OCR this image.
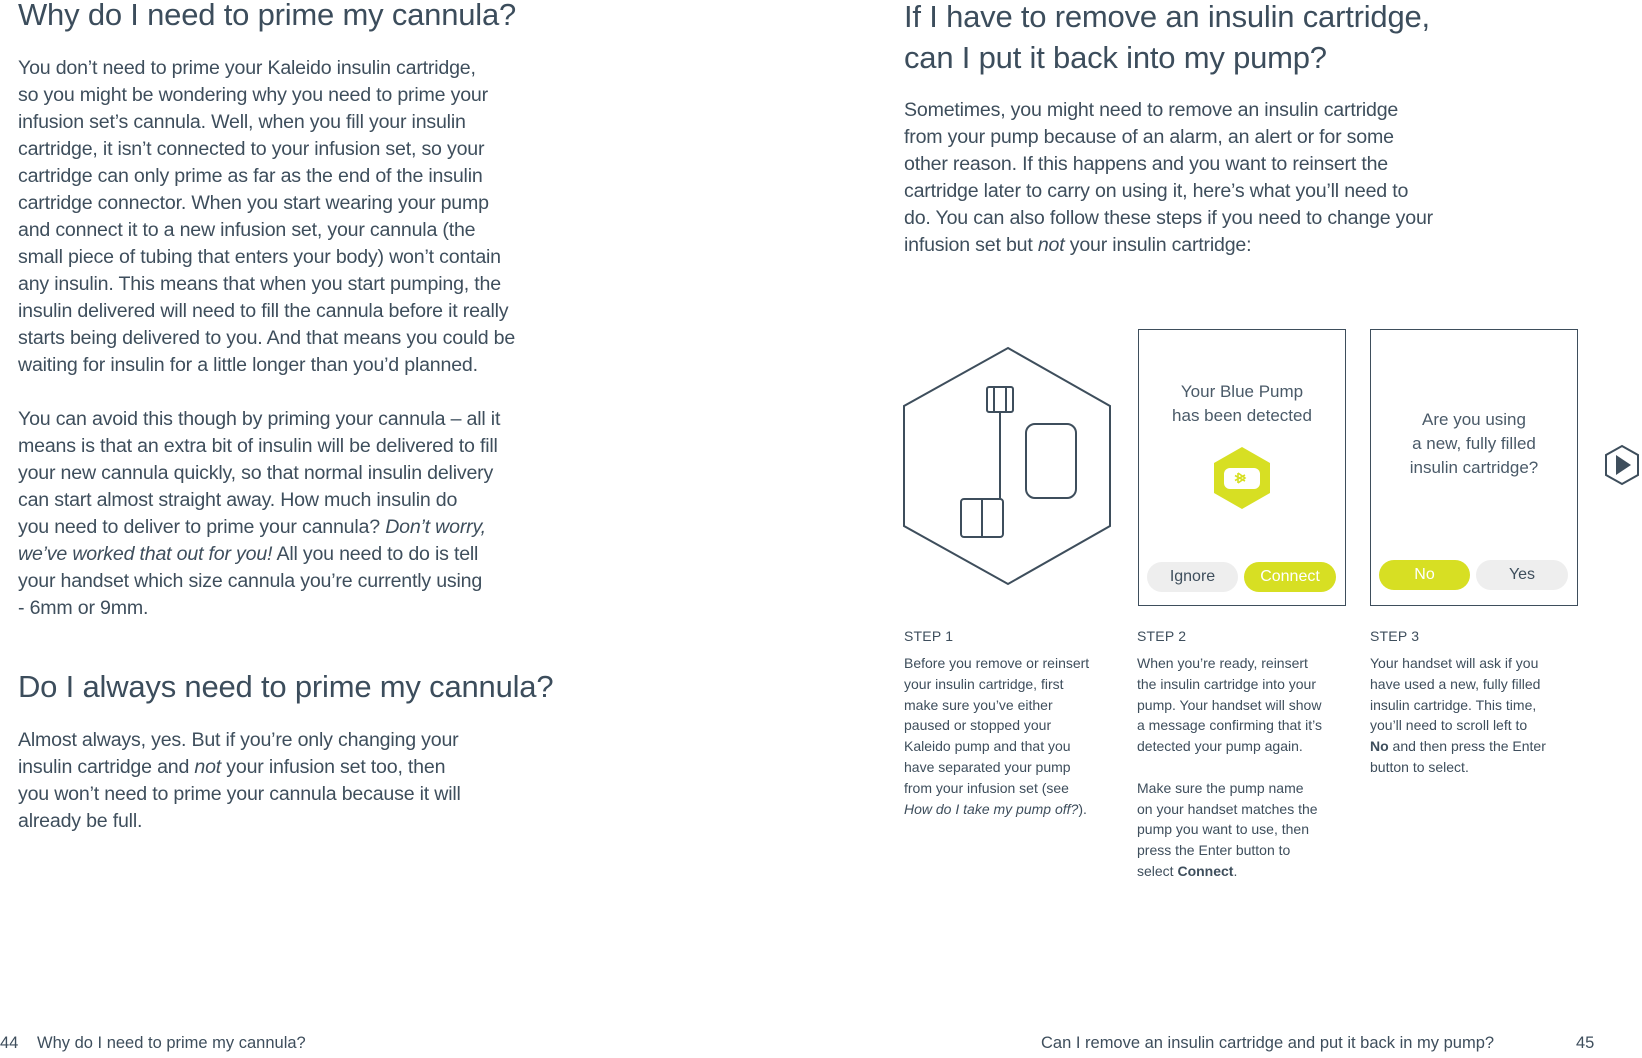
Why do I need to prime my cannula?

You don’t need to prime your Kaleido insulin cartridge,

so you might be wondering why you need to prime your

infusion set’s cannula. Well, when you fill your insulin

cartridge, it isn’t connected to your infusion set, so your

cartridge can only prime as far as the end of the insulin

cartridge connector. When you start wearing your pump

and connect it to a new infusion set, your cannula (the

small piece of tubing that enters your body) won’t contain

any insulin. This means that when you start pumping, the

insulin delivered will need to fill the cannula before it really

starts being delivered to you. And that means you could be

waiting for insulin for a little longer than you’d planned.

You can avoid this though by priming your cannula – all it

means is that an extra bit of insulin will be delivered to fill

your new cannula quickly, so that normal insulin delivery

can start almost straight away. How much insulin do

you need to deliver to prime your cannula? Don’t worry,

we’ve worked that out for you! All you need to do is tell

your handset which size cannula you’re currently using

- 6mm or 9mm.

Do I always need to prime my cannula?

Almost always, yes. But if you’re only changing your

insulin cartridge and not your infusion set too, then

you won’t need to prime your cannula because it will

already be full.

If I have to remove an insulin cartridge,
can I put it back into my pump?

Sometimes, you might need to remove an insulin cartridge

from your pump because of an alarm, an alert or for some

other reason. If this happens and you want to reinsert the

cartridge later to carry on using it, here’s what you’ll need to

do. You can also follow these steps if you need to change your

infusion set but not your insulin cartridge:

Your Blue Pump
has been detected
Ignore	Connect
Are you using
a new, fully filled
insulin cartridge?
No	Yes
STEP 1

Before you remove or reinsert

your insulin cartridge, first

make sure you’ve either

paused or stopped your

Kaleido pump and that you

have separated your pump

from your infusion set (see

How do I take my pump off?).

STEP 2

When you’re ready, reinsert

the insulin cartridge into your

pump. Your handset will show

a message confirming that it’s

detected your pump again.

Make sure the pump name

on your handset matches the

pump you want to use, then

press the Enter button to

select Connect.

STEP 3

Your handset will ask if you

have used a new, fully filled

insulin cartridge. This time,

you’ll need to scroll left to

No and then press the Enter

button to select.

44 Why do I need to prime my cannula?	Can I remove an insulin cartridge and put it back in my pump?	45
